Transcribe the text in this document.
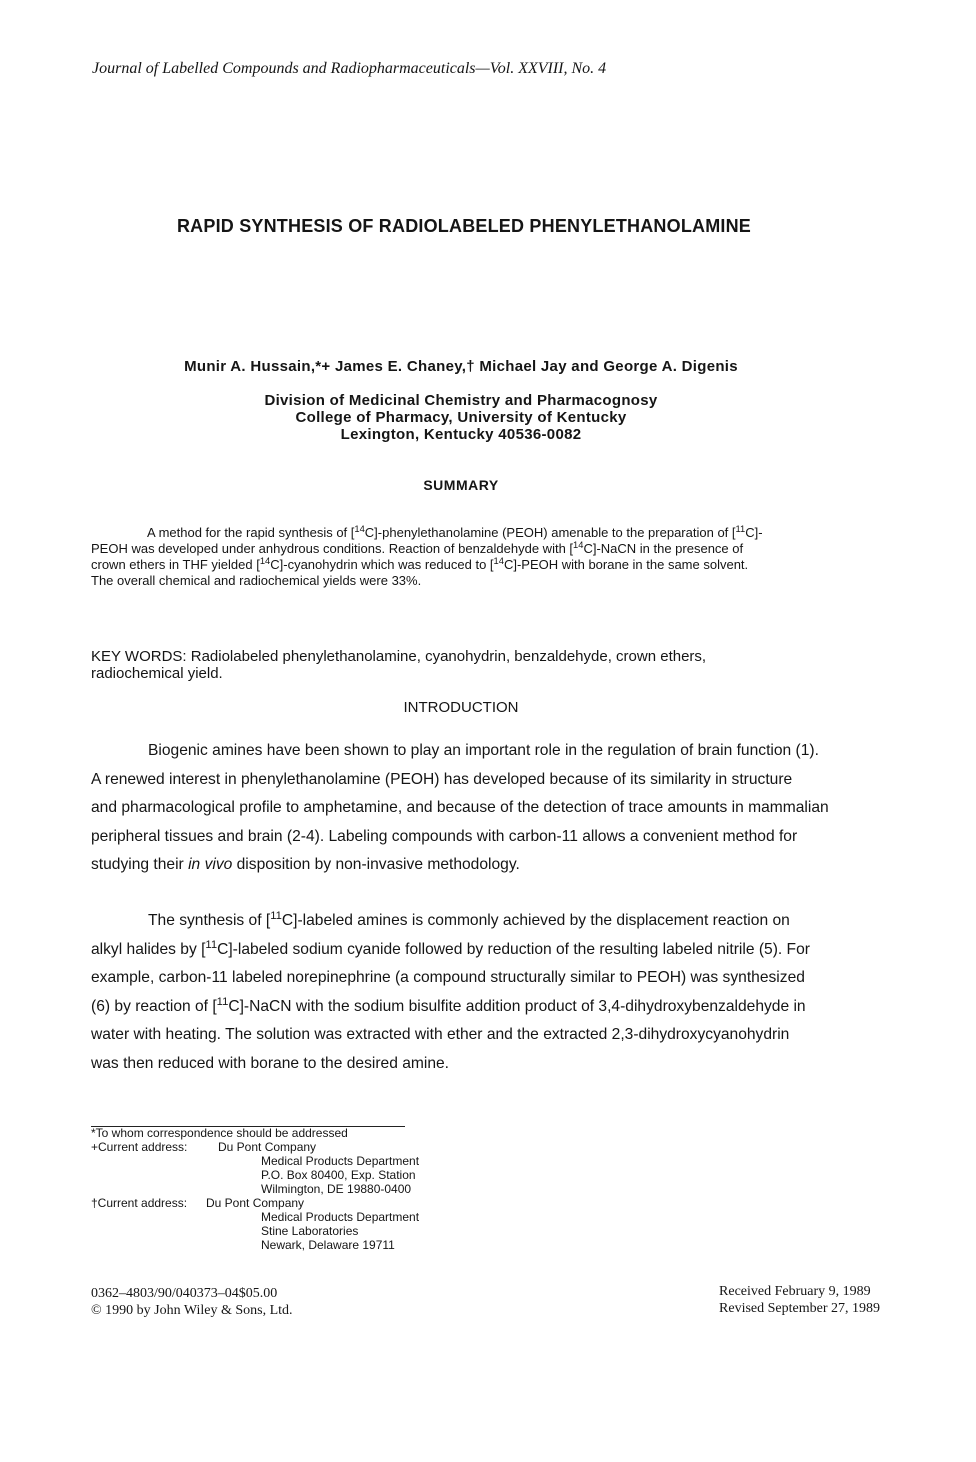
Journal of Labelled Compounds and Radiopharmaceuticals—Vol. XXVIII, No. 4
RAPID SYNTHESIS OF RADIOLABELED PHENYLETHANOLAMINE
Munir A. Hussain,*+ James E. Chaney,† Michael Jay and George A. Digenis
Division of Medicinal Chemistry and Pharmacognosy
College of Pharmacy, University of Kentucky
Lexington, Kentucky 40536-0082
SUMMARY
A method for the rapid synthesis of [$^{14}$C]-phenylethanolamine (PEOH) amenable to the preparation of [$^{11}$C]-
PEOH was developed under anhydrous conditions. Reaction of benzaldehyde with [$^{14}$C]-NaCN in the presence of
crown ethers in THF yielded [$^{14}$C]-cyanohydrin which was reduced to [$^{14}$C]-PEOH with borane in the same solvent.
The overall chemical and radiochemical yields were 33%.
KEY WORDS: Radiolabeled phenylethanolamine, cyanohydrin, benzaldehyde, crown ethers,
radiochemical yield.
INTRODUCTION
Biogenic amines have been shown to play an important role in the regulation of brain function (1).
A renewed interest in phenylethanolamine (PEOH) has developed because of its similarity in structure
and pharmacological profile to amphetamine, and because of the detection of trace amounts in mammalian
peripheral tissues and brain (2-4). Labeling compounds with carbon-11 allows a convenient method for
studying their in vivo disposition by non-invasive methodology.
The synthesis of [$^{11}$C]-labeled amines is commonly achieved by the displacement reaction on
alkyl halides by [$^{11}$C]-labeled sodium cyanide followed by reduction of the resulting labeled nitrile (5). For
example, carbon-11 labeled norepinephrine (a compound structurally similar to PEOH) was synthesized
(6) by reaction of [$^{11}$C]-NaCN with the sodium bisulfite addition product of 3,4-dihydroxybenzaldehyde in
water with heating. The solution was extracted with ether and the extracted 2,3-dihydroxycyanohydrin
was then reduced with borane to the desired amine.
*To whom correspondence should be addressed
+Current address:	Du Pont Company
Medical Products Department
P.O. Box 80400, Exp. Station
Wilmington, DE 19880-0400
†Current address: Du Pont Company
Medical Products Department
Stine Laboratories
Newark, Delaware 19711
0362–4803/90/040373–04$05.00
© 1990 by John Wiley & Sons, Ltd.
Received February 9, 1989
Revised September 27, 1989
